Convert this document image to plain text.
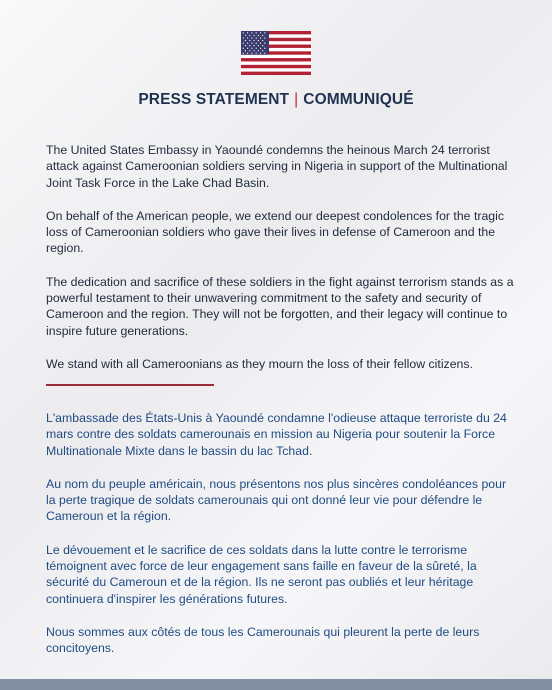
PRESS STATEMENT | COMMUNIQUÉ

The United States Embassy in Yaoundé condemns the heinous March 24 terrorist attack against Cameroonian soldiers serving in Nigeria in support of the Multinational Joint Task Force in the Lake Chad Basin.

On behalf of the American people, we extend our deepest condolences for the tragic loss of Cameroonian soldiers who gave their lives in defense of Cameroon and the region.

The dedication and sacrifice of these soldiers in the fight against terrorism stands as a powerful testament to their unwavering commitment to the safety and security of Cameroon and the region. They will not be forgotten, and their legacy will continue to inspire future generations.

We stand with all Cameroonians as they mourn the loss of their fellow citizens.

L'ambassade des États-Unis à Yaoundé condamne l'odieuse attaque terroriste du 24 mars contre des soldats camerounais en mission au Nigeria pour soutenir la Force Multinationale Mixte dans le bassin du lac Tchad.

Au nom du peuple américain, nous présentons nos plus sincères condoléances pour la perte tragique de soldats camerounais qui ont donné leur vie pour défendre le Cameroun et la région.

Le dévouement et le sacrifice de ces soldats dans la lutte contre le terrorisme témoignent avec force de leur engagement sans faille en faveur de la sûreté, la sécurité du Cameroun et de la région. Ils ne seront pas oubliés et leur héritage continuera d'inspirer les générations futures.

Nous sommes aux côtés de tous les Camerounais qui pleurent la perte de leurs concitoyens.
